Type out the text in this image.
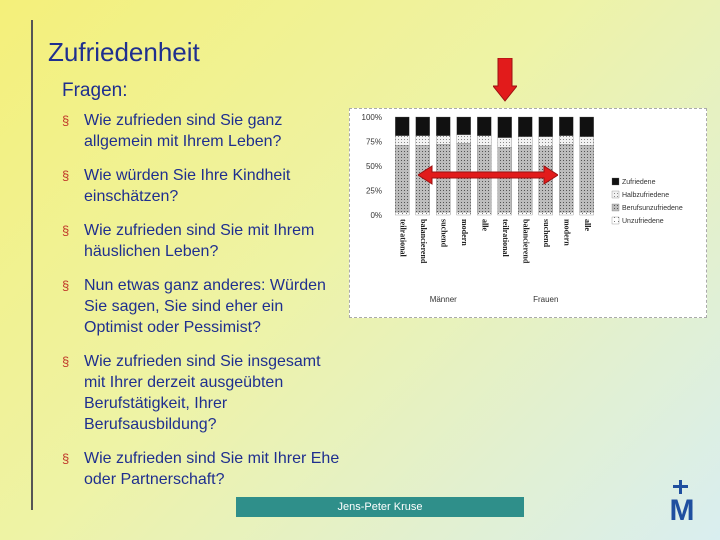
Zufriedenheit
Fragen:
§ Wie zufrieden sind Sie ganz allgemein mit Ihrem Leben?
§ Wie würden Sie Ihre Kindheit einschätzen?
§ Wie zufrieden sind Sie mit Ihrem häuslichen Leben?
§ Nun etwas ganz anderes: Würden Sie sagen, Sie sind eher ein Optimist oder Pessimist?
§ Wie zufrieden sind Sie insgesamt mit Ihrer derzeit ausgeübten Berufstätigkeit, Ihrer Berufsausbildung?
§ Wie zufrieden sind Sie mit Ihrer Ehe oder Partnerschaft?
100%
75%
50%
25%
0%
teilrational balancierend suchend modern alle teilrational balancierend suchend modern alle
Männer	Frauen
Zufriedene
Halbzufriedene
Berufsunzufriedene
Unzufriedene
Jens-Peter Kruse	M
